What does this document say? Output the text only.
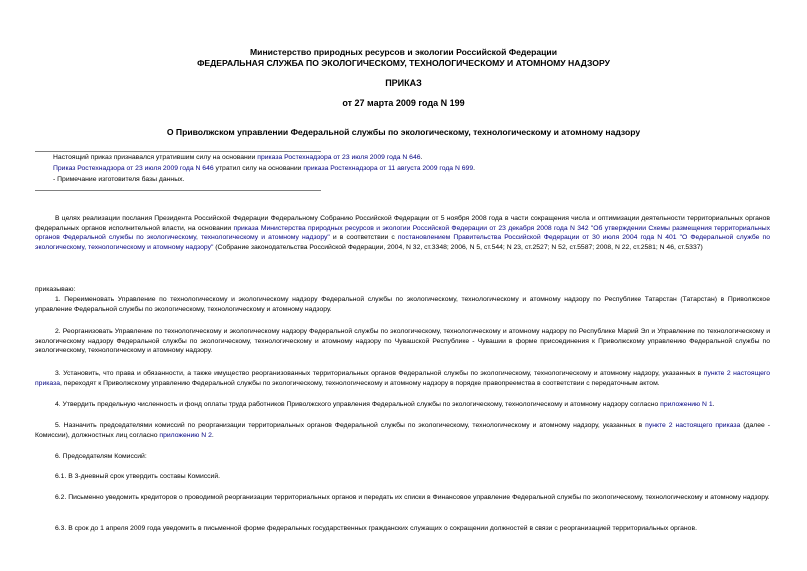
Министерство природных ресурсов и экологии Российской Федерации
ФЕДЕРАЛЬНАЯ СЛУЖБА ПО ЭКОЛОГИЧЕСКОМУ, ТЕХНОЛОГИЧЕСКОМУ И АТОМНОМУ НАДЗОРУ
ПРИКАЗ
от 27 марта 2009 года N 199
О Приволжском управлении Федеральной службы по экологическому, технологическому и атомному надзору
Настоящий приказ признавался утратившим силу на основании приказа Ростехнадзора от 23 июля 2009 года N 646.
Приказ Ростехнадзора от 23 июля 2009 года N 646 утратил силу на основании приказа Ростехнадзора от 11 августа 2009 года N 699.
- Примечание изготовителя базы данных.
В целях реализации послания Президента Российской Федерации Федеральному Собранию Российской Федерации от 5 ноября 2008 года в части сокращения числа и оптимизации деятельности территориальных органов федеральных органов исполнительной власти, на основании приказа Министерства природных ресурсов и экологии Российской Федерации от 23 декабря 2008 года N 342 "Об утверждении Схемы размещения территориальных органов Федеральной службы по экологическому, технологическому и атомному надзору" и в соответствии с постановлением Правительства Российской Федерации от 30 июля 2004 года N 401 "О Федеральной службе по экологическому, технологическому и атомному надзору" (Собрание законодательства Российской Федерации, 2004, N 32, ст.3348; 2006, N 5, ст.544; N 23, ст.2527; N 52, ст.5587; 2008, N 22, ст.2581; N 46, ст.5337)
приказываю:
1. Переименовать Управление по технологическому и экологическому надзору Федеральной службы по экологическому, технологическому и атомному надзору по Республике Татарстан (Татарстан) в Приволжское управление Федеральной службы по экологическому, технологическому и атомному надзору.
2. Реорганизовать Управление по технологическому и экологическому надзору Федеральной службы по экологическому, технологическому и атомному надзору по Республике Марий Эл и Управление по технологическому и экологическому надзору Федеральной службы по экологическому, технологическому и атомному надзору по Чувашской Республике - Чувашии в форме присоединения к Приволжскому управлению Федеральной службы по экологическому, технологическому и атомному надзору.
3. Установить, что права и обязанности, а также имущество реорганизованных территориальных органов Федеральной службы по экологическому, технологическому и атомному надзору, указанных в пункте 2 настоящего приказа, переходят к Приволжскому управлению Федеральной службы по экологическому, технологическому и атомному надзору в порядке правопреемства в соответствии с передаточным актом.
4. Утвердить предельную численность и фонд оплаты труда работников Приволжского управления Федеральной службы по экологическому, технологическому и атомному надзору согласно приложению N 1.
5. Назначить председателями комиссий по реорганизации территориальных органов Федеральной службы по экологическому, технологическому и атомному надзору, указанных в пункте 2 настоящего приказа (далее - Комиссии), должностных лиц согласно приложению N 2.
6. Председателям Комиссий:
6.1. В 3-дневный срок утвердить составы Комиссий.
6.2. Письменно уведомить кредиторов о проводимой реорганизации территориальных органов и передать их списки в Финансовое управление Федеральной службы по экологическому, технологическому и атомному надзору.
6.3. В срок до 1 апреля 2009 года уведомить в письменной форме федеральных государственных гражданских служащих о сокращении должностей в связи с реорганизацией территориальных органов.
